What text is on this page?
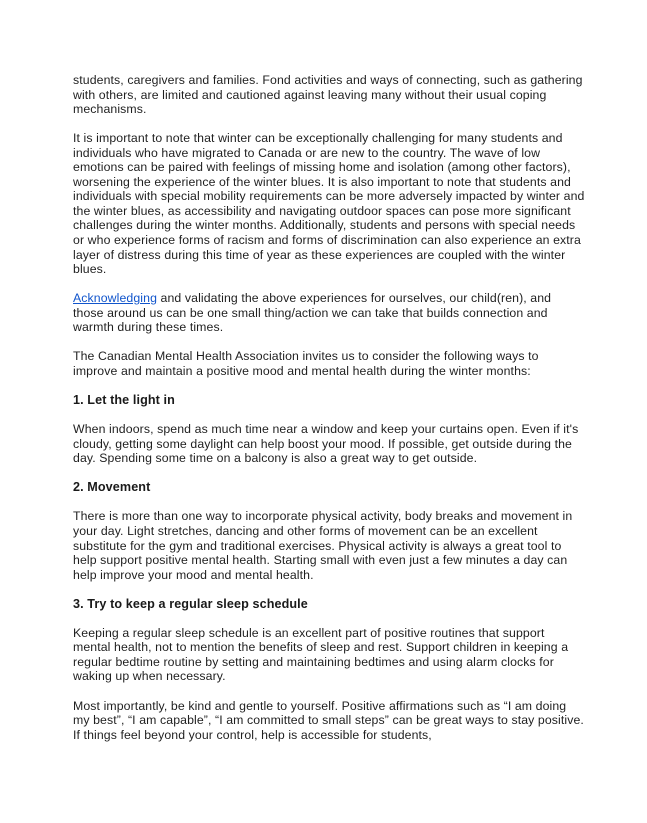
students, caregivers and families. Fond activities and ways of connecting, such as gathering with others, are limited and cautioned against leaving many without their usual coping mechanisms.

It is important to note that winter can be exceptionally challenging for many students and individuals who have migrated to Canada or are new to the country. The wave of low emotions can be paired with feelings of missing home and isolation (among other factors), worsening the experience of the winter blues. It is also important to note that students and individuals with special mobility requirements can be more adversely impacted by winter and the winter blues, as accessibility and navigating outdoor spaces can pose more significant challenges during the winter months. Additionally, students and persons with special needs or who experience forms of racism and forms of discrimination can also experience an extra layer of distress during this time of year as these experiences are coupled with the winter blues.

Acknowledging and validating the above experiences for ourselves, our child(ren), and those around us can be one small thing/action we can take that builds connection and warmth during these times.

The Canadian Mental Health Association invites us to consider the following ways to improve and maintain a positive mood and mental health during the winter months:

1. Let the light in

When indoors, spend as much time near a window and keep your curtains open. Even if it's cloudy, getting some daylight can help boost your mood. If possible, get outside during the day. Spending some time on a balcony is also a great way to get outside.

2. Movement

There is more than one way to incorporate physical activity, body breaks and movement in your day. Light stretches, dancing and other forms of movement can be an excellent substitute for the gym and traditional exercises. Physical activity is always a great tool to help support positive mental health. Starting small with even just a few minutes a day can help improve your mood and mental health.

3. Try to keep a regular sleep schedule

Keeping a regular sleep schedule is an excellent part of positive routines that support mental health, not to mention the benefits of sleep and rest. Support children in keeping a regular bedtime routine by setting and maintaining bedtimes and using alarm clocks for waking up when necessary.

Most importantly, be kind and gentle to yourself. Positive affirmations such as “I am doing my best”, “I am capable”, “I am committed to small steps” can be great ways to stay positive. If things feel beyond your control, help is accessible for students,
